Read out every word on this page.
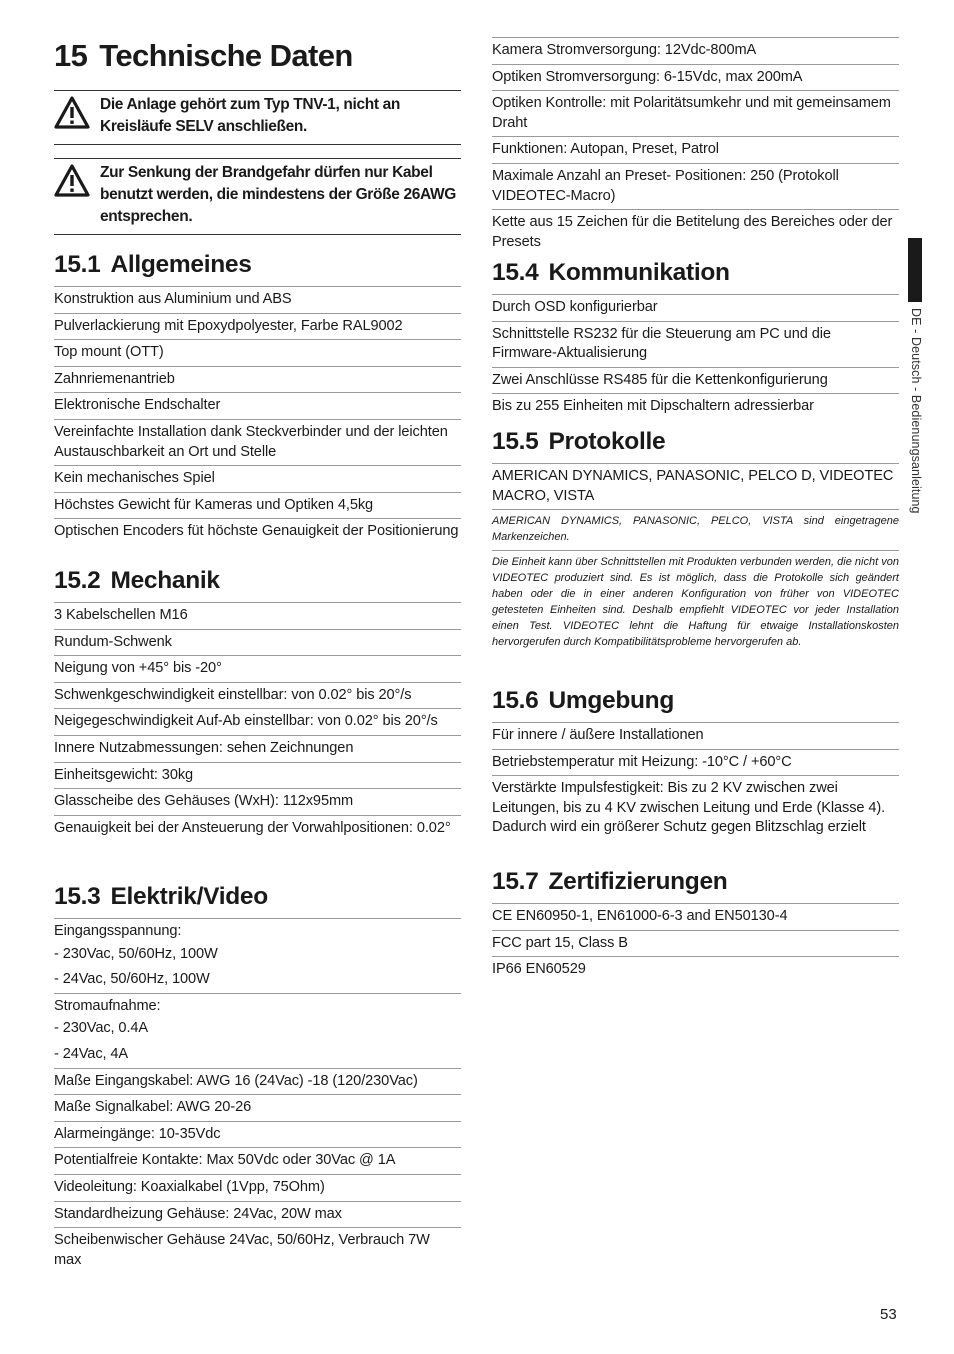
15 Technische Daten
Die Anlage gehört zum Typ TNV-1, nicht an Kreisläufe SELV anschließen.
Zur Senkung der Brandgefahr dürfen nur Kabel benutzt werden, die mindestens der Größe 26AWG entsprechen.
15.1 Allgemeines
Konstruktion aus Aluminium und ABS
Pulverlackierung mit Epoxydpolyester, Farbe RAL9002
Top mount (OTT)
Zahnriemenantrieb
Elektronische Endschalter
Vereinfachte Installation dank Steckverbinder und der leichten Austauschbarkeit an Ort und Stelle
Kein mechanisches Spiel
Höchstes Gewicht für Kameras und Optiken 4,5kg
Optischen Encoders füt höchste Genauigkeit der Positionierung
15.2 Mechanik
3 Kabelschellen M16
Rundum-Schwenk
Neigung von +45° bis -20°
Schwenkgeschwindigkeit einstellbar: von 0.02° bis 20°/s
Neigegeschwindigkeit Auf-Ab einstellbar: von 0.02° bis 20°/s
Innere Nutzabmessungen: sehen Zeichnungen
Einheitsgewicht: 30kg
Glasscheibe des Gehäuses (WxH): 112x95mm
Genauigkeit bei der Ansteuerung der Vorwahlpositionen: 0.02°
15.3 Elektrik/Video
Eingangsspannung:
- 230Vac, 50/60Hz, 100W
- 24Vac, 50/60Hz, 100W
Stromaufnahme:
- 230Vac, 0.4A
- 24Vac, 4A
Maße Eingangskabel: AWG 16 (24Vac) -18 (120/230Vac)
Maße Signalkabel: AWG 20-26
Alarmeingänge: 10-35Vdc
Potentialfreie Kontakte: Max 50Vdc oder 30Vac @ 1A
Videoleitung: Koaxialkabel (1Vpp, 75Ohm)
Standardheizung Gehäuse: 24Vac, 20W max
Scheibenwischer Gehäuse 24Vac, 50/60Hz, Verbrauch 7W max
Kamera Stromversorgung: 12Vdc-800mA
Optiken Stromversorgung: 6-15Vdc, max 200mA
Optiken Kontrolle: mit Polaritätsumkehr und mit gemeinsamem Draht
Funktionen: Autopan, Preset, Patrol
Maximale Anzahl an Preset- Positionen: 250 (Protokoll VIDEOTEC-Macro)
Kette aus 15 Zeichen für die Betitelung des Bereiches oder der Presets
15.4 Kommunikation
Durch OSD konfigurierbar
Schnittstelle RS232 für die Steuerung am PC und die Firmware-Aktualisierung
Zwei Anschlüsse RS485 für die Kettenkonfigurierung
Bis zu 255 Einheiten mit Dipschaltern adressierbar
15.5 Protokolle
AMERICAN DYNAMICS, PANASONIC, PELCO D, VIDEOTEC MACRO, VISTA
AMERICAN DYNAMICS, PANASONIC, PELCO, VISTA sind eingetragene Markenzeichen.
Die Einheit kann über Schnittstellen mit Produkten verbunden werden, die nicht von VIDEOTEC produziert sind. Es ist möglich, dass die Protokolle sich geändert haben oder die in einer anderen Konfiguration von früher von VIDEOTEC getesteten Einheiten sind. Deshalb empfiehlt VIDEOTEC vor jeder Installation einen Test. VIDEOTEC lehnt die Haftung für etwaige Installationskosten hervorgerufen durch Kompatibilitätsprobleme hervorgerufen ab.
15.6 Umgebung
Für innere / äußere Installationen
Betriebstemperatur mit Heizung: -10°C / +60°C
Verstärkte Impulsfestigkeit: Bis zu 2 KV zwischen zwei Leitungen, bis zu 4 KV zwischen Leitung und Erde (Klasse 4). Dadurch wird ein größerer Schutz gegen Blitzschlag erzielt
15.7 Zertifizierungen
CE EN60950-1, EN61000-6-3 and EN50130-4
FCC part 15, Class B
IP66 EN60529
DE - Deutsch - Bedienungsanleitung
53
